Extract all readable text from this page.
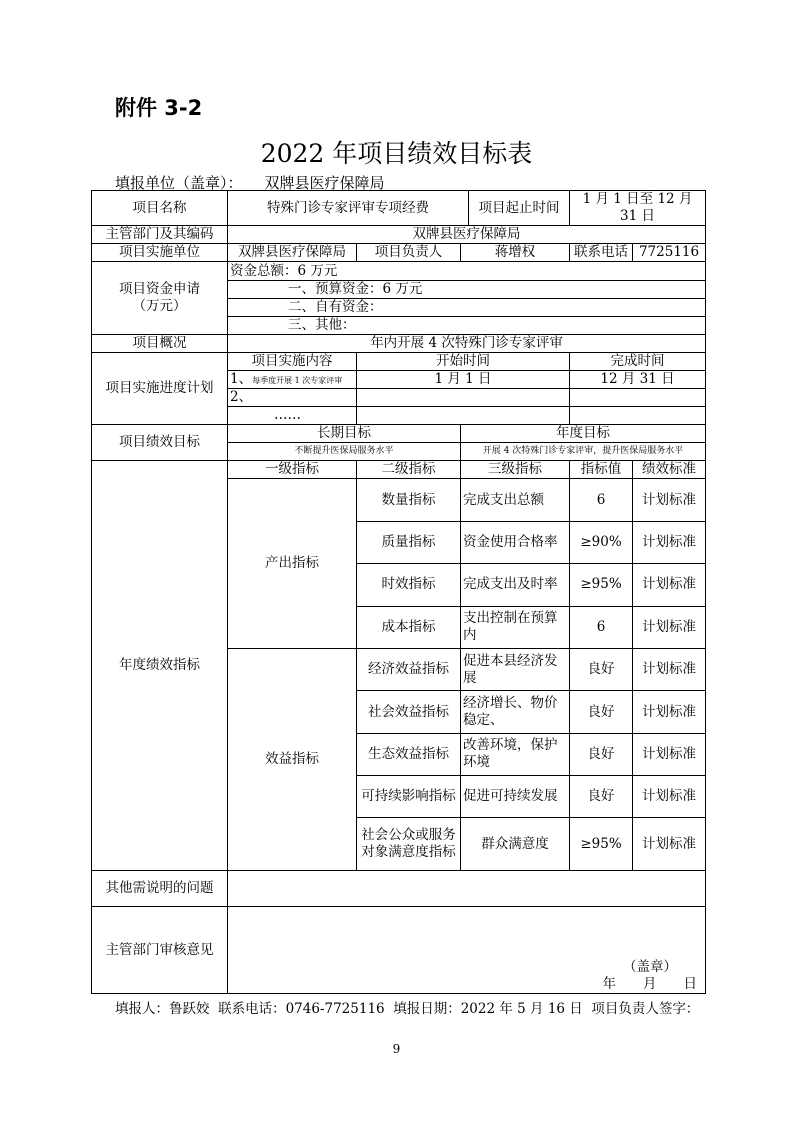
附件 3-2
2022 年项目绩效目标表
填报单位（盖章）： 双牌县医疗保障局
项目名称	特殊门诊专家评审专项经费			项目起止时间	1 月 1 日至 12 月 31 日	
主管部门及其编码	双牌县医疗保障局					
项目实施单位	双牌县医疗保障局	项目负责人	蒋增权		联系电话	7725116
项目资金申请
（万元）	资金总额：6 万元					
	一、预算资金：6 万元					
	二、自有资金：					
	三、其他：					
项目概况	年内开展 4 次特殊门诊专家评审					
项目实施进度计划	项目实施内容	开始时间			完成时间	
	1、每季度开展 1 次专家评审	1 月 1 日			12 月 31 日	
	2、					
	……					
项目绩效目标	长期目标		年度目标			
	不断提升医保局服务水平		开展 4 次特殊门诊专家评审，提升医保局服务水平			
年度绩效指标	一级指标	二级指标	三级指标		指标值	绩效标准
	产出指标	数量指标	完成支出总额		6	计划标准
		质量指标	资金使用合格率		≥90%	计划标准
		时效指标	完成支出及时率		≥95%	计划标准
		成本指标	支出控制在预算内		6	计划标准
	效益指标	经济效益指标	促进本县经济发展		良好	计划标准
		社会效益指标	经济增长、物价稳定、		良好	计划标准
		生态效益指标	改善环境，保护环境		良好	计划标准
		可持续影响指标	促进可持续发展		良好	计划标准
		社会公众或服务对象满意度指标	群众满意度		≥95%	计划标准
其他需说明的问题						
主管部门审核意见	（盖章）
年　　月　　日					
填报人：鲁跃姣  联系电话：0746-7725116  填报日期：2022 年 5 月 16 日  项目负责人签字：
9
